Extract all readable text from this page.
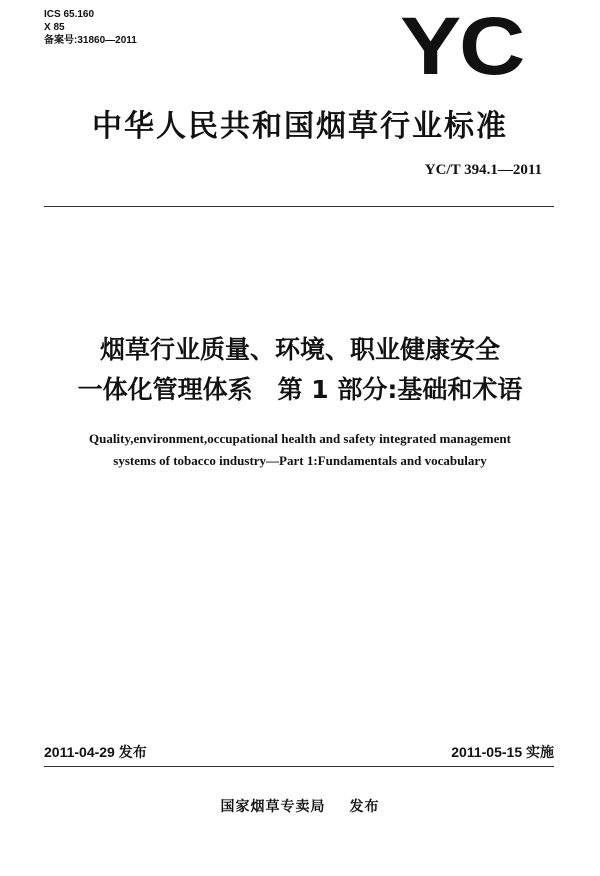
ICS 65.160
X 85
备案号:31860—2011	YC
中华人民共和国烟草行业标准
YC/T 394.1—2011
烟草行业质量、环境、职业健康安全
一体化管理体系　第 1 部分:基础和术语
Quality,environment,occupational health and safety integrated management
systems of tobacco industry—Part 1:Fundamentals and vocabulary
2011-04-29 发布	2011-05-15 实施
国家烟草专卖局 发布
